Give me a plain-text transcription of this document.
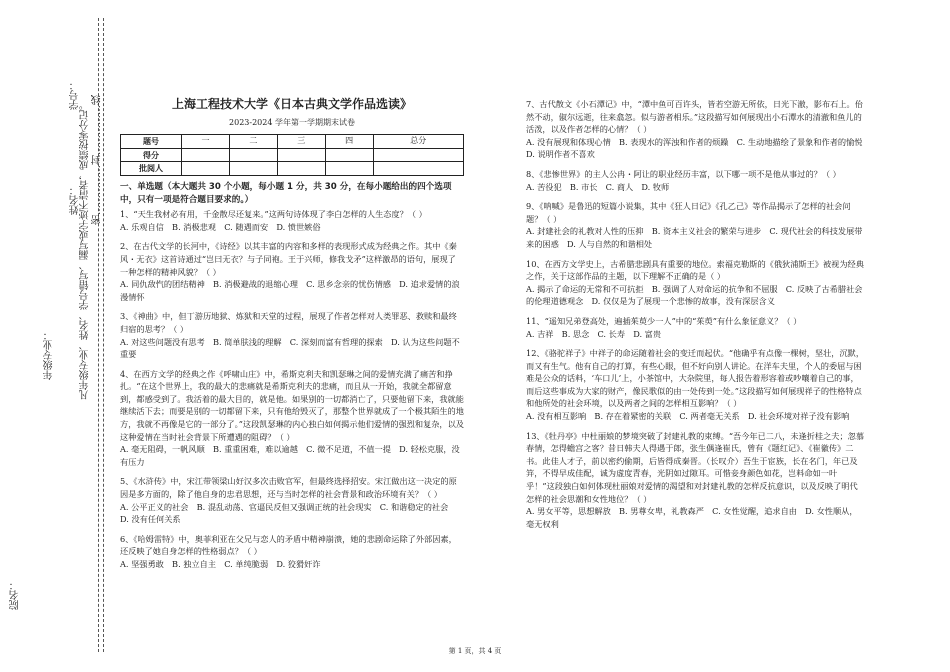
学号： 密……………封……………线
姓名： 凡年级专业、姓名、学号错写、漏写或字迹不清者，成绩按零分记。
年级专业：
院名：
上海工程技术大学《日本古典文学作品选读》
2023-2024 学年第一学期期末试卷
题号	一	二	三	四	总分
得分					
批阅人					
一、单选题（本大题共 30 个小题，每小题 1 分，共 30 分，在每小题给出的四个选项中，只有一项是符合题目要求的。）

1、“天生我材必有用，千金散尽还复来。”这两句诗体现了李白怎样的人生态度？（ ）

A. 乐观自信　B. 消极悲观　C. 随遇而安　D. 愤世嫉俗

2、在古代文学的长河中，《诗经》以其丰富的内容和多样的表现形式成为经典之作。其中《秦风・无衣》这首诗通过“岂曰无衣？与子同袍。王于兴师，修我戈矛”这样激昂的语句，展现了一种怎样的精神风貌？（ ）

A. 同仇敌忾的团结精神　B. 消极避战的退缩心理　C. 思乡念亲的忧伤情感　D. 追求爱情的浪漫情怀

3、《神曲》中，但丁游历地狱、炼狱和天堂的过程，展现了作者怎样对人类罪恶、救赎和最终归宿的思考？（ ）

A. 对这些问题没有思考　B. 简单肤浅的理解　C. 深刻而富有哲理的探索　D. 认为这些问题不重要

4、在西方文学的经典之作《呼啸山庄》中，希斯克利夫和凯瑟琳之间的爱情充满了痛苦和挣扎。“在这个世界上，我的最大的悲痛就是希斯克利夫的悲痛，而且从一开始，我就全都留意到，都感受到了。我活着的最大目的，就是他。如果别的一切都消亡了，只要他留下来，我就能继续活下去；而要是别的一切都留下来，只有他给毁灭了，那整个世界就成了一个极其陌生的地方，我就不再像是它的一部分了。”这段凯瑟琳的内心独白如何揭示他们爱情的强烈和复杂，以及这种爱情在当时社会背景下所遭遇的阻碍？（ ）

A. 毫无阻碍，一帆风顺　B. 重重困难，难以逾越　C. 微不足道，不值一提　D. 轻松克服，没有压力

5、《水浒传》中，宋江带领梁山好汉多次击败官军，但最终选择招安。宋江做出这一决定的原因是多方面的，除了他自身的忠君思想，还与当时怎样的社会背景和政治环境有关？（ ）

A. 公平正义的社会　B. 混乱动荡、官逼民反但又强调正统的社会现实　C. 和谐稳定的社会　D. 没有任何关系

6、《哈姆雷特》中，奥菲利亚在父兄与恋人的矛盾中精神崩溃，她的悲剧命运除了外部因素，还反映了她自身怎样的性格弱点？（ ）

A. 坚强勇敢　B. 独立自主　C. 单纯脆弱　D. 狡猾奸诈

7、古代散文《小石潭记》中，“潭中鱼可百许头，皆若空游无所依，日光下澈，影布石上。佁然不动，俶尔远逝，往来翕忽。似与游者相乐。”这段描写如何展现出小石潭水的清澈和鱼儿的活泼，以及作者怎样的心情？（ ）

A. 没有展现和体现心情　B. 表现水的浑浊和作者的烦躁　C. 生动地描绘了景象和作者的愉悦　D. 说明作者不喜欢

8、《悲惨世界》的主人公冉・阿让的职业经历丰富，以下哪一项不是他从事过的？（ ）

A. 苦役犯　B. 市长　C. 商人　D. 牧师

9、《呐喊》是鲁迅的短篇小说集，其中《狂人日记》《孔乙己》等作品揭示了怎样的社会问题？（ ）

A. 封建社会的礼教对人性的压抑　B. 资本主义社会的繁荣与进步　C. 现代社会的科技发展带来的困惑　D. 人与自然的和谐相处

10、在西方文学史上，古希腊悲剧具有重要的地位。索福克勒斯的《俄狄浦斯王》被视为经典之作，关于这部作品的主题，以下理解不正确的是（ ）

A. 揭示了命运的无常和不可抗拒　B. 强调了人对命运的抗争和不屈服　C. 反映了古希腊社会的伦理道德观念　D. 仅仅是为了展现一个悲惨的故事，没有深层含义

11、“遥知兄弟登高处，遍插茱萸少一人”中的“茱萸”有什么象征意义？（ ）

A. 吉祥　B. 思念　C. 长寿　D. 富贵

12、《骆驼祥子》中祥子的命运随着社会的变迁而起伏。“他确乎有点像一棵树，坚壮，沉默，而又有生气。他有自己的打算，有些心眼，但不好向别人讲论。在洋车夫里，个人的委屈与困难是公众的话料，‘车口儿’上，小茶馆中，大杂院里，每人报告着形容着或吵嚷着自己的事，而后这些事成为大家的财产，像民歌似的由一处传到一处。”这段描写如何展现祥子的性格特点和他所处的社会环境，以及两者之间的怎样相互影响？（ ）

A. 没有相互影响　B. 存在着紧密的关联　C. 两者毫无关系　D. 社会环境对祥子没有影响

13、《牡丹亭》中杜丽娘的梦境突破了封建礼教的束缚。“吾今年已二八，未逢折桂之夫；忽慕春情，怎得蟾宫之客？昔日韩夫人得遇于郎，张生偶逢崔氏，曾有《题红记》、《崔徽传》二书。此佳人才子，前以密约偷期，后皆得成秦晋。（长叹介）吾生于宦族，长在名门，年已及笄，不得早成佳配，诚为虚度青春，光阴如过隙耳。可惜妾身颜色如花，岂料命如一叶乎！”这段独白如何体现杜丽娘对爱情的渴望和对封建礼教的怎样反抗意识，以及反映了明代怎样的社会思潮和女性地位？（ ）

A. 男女平等，思想解放　B. 男尊女卑，礼教森严　C. 女性觉醒，追求自由　D. 女性顺从，毫无权利

第 1 页，共 4 页
